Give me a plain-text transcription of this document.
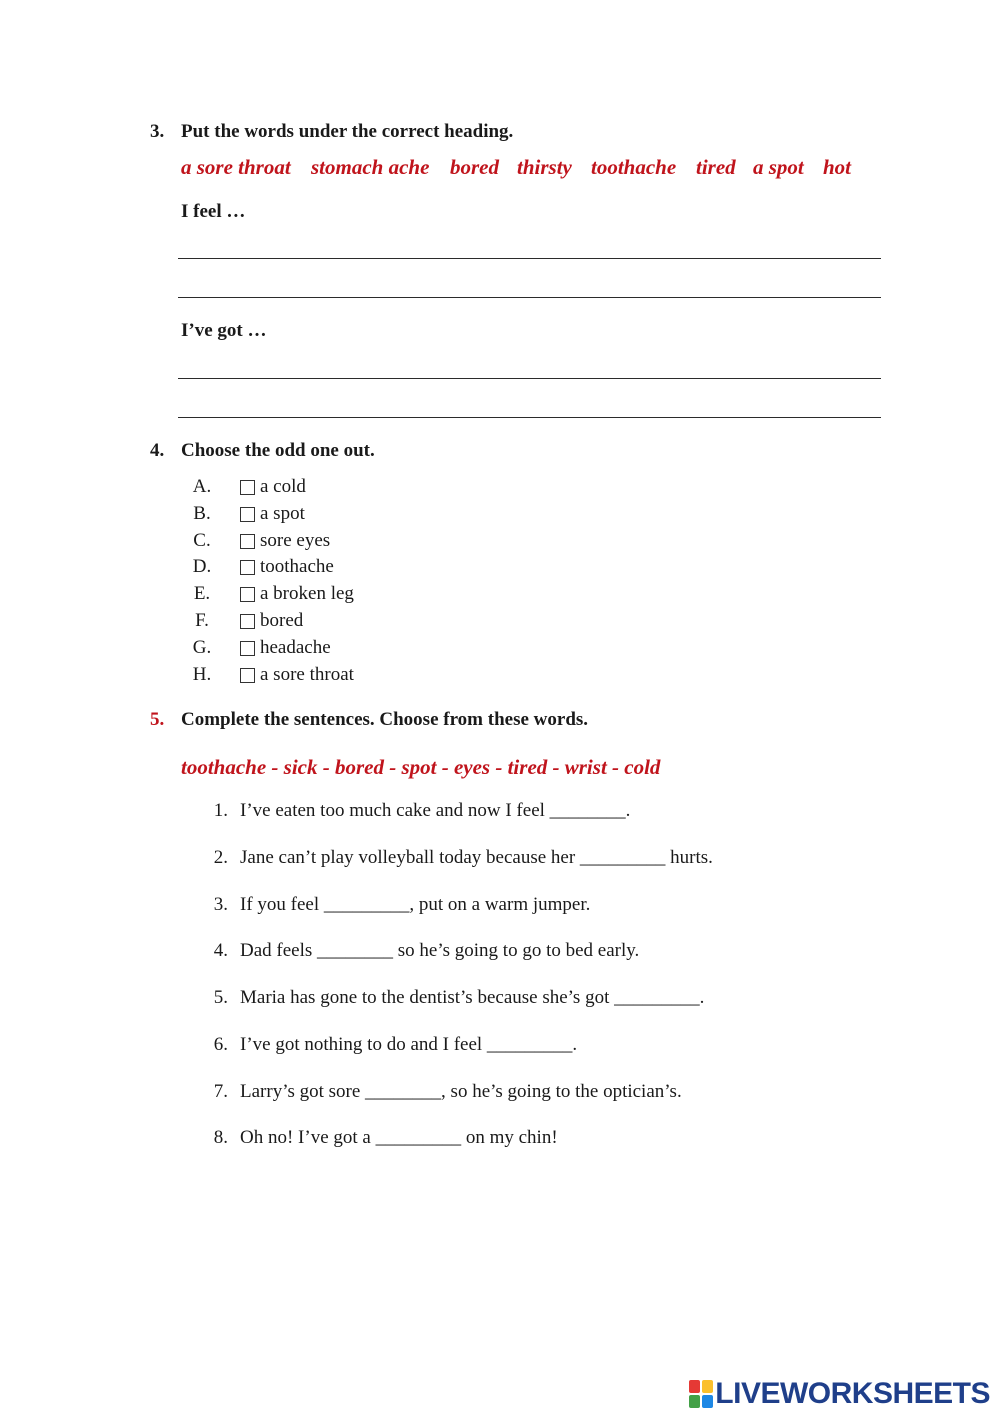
3. Put the words under the correct heading.
a sore throat stomach ache bored thirsty toothache tired a spot hot
I feel …
I’ve got …
4. Choose the odd one out.
A.	a cold
B.	a spot
C.	sore eyes
D.	toothache
E.	a broken leg
F.	bored
G.	headache
H.	a sore throat
5. Complete the sentences. Choose from these words.
toothache - sick - bored - spot - eyes - tired - wrist - cold
1. I’ve eaten too much cake and now I feel ________.
2. Jane can’t play volleyball today because her _________ hurts.
3. If you feel _________, put on a warm jumper.
4. Dad feels ________ so he’s going to go to bed early.
5. Maria has gone to the dentist’s because she’s got _________.
6. I’ve got nothing to do and I feel _________.
7. Larry’s got sore ________, so he’s going to the optician’s.
8. Oh no! I’ve got a _________ on my chin!
LIVEWORKSHEETS
